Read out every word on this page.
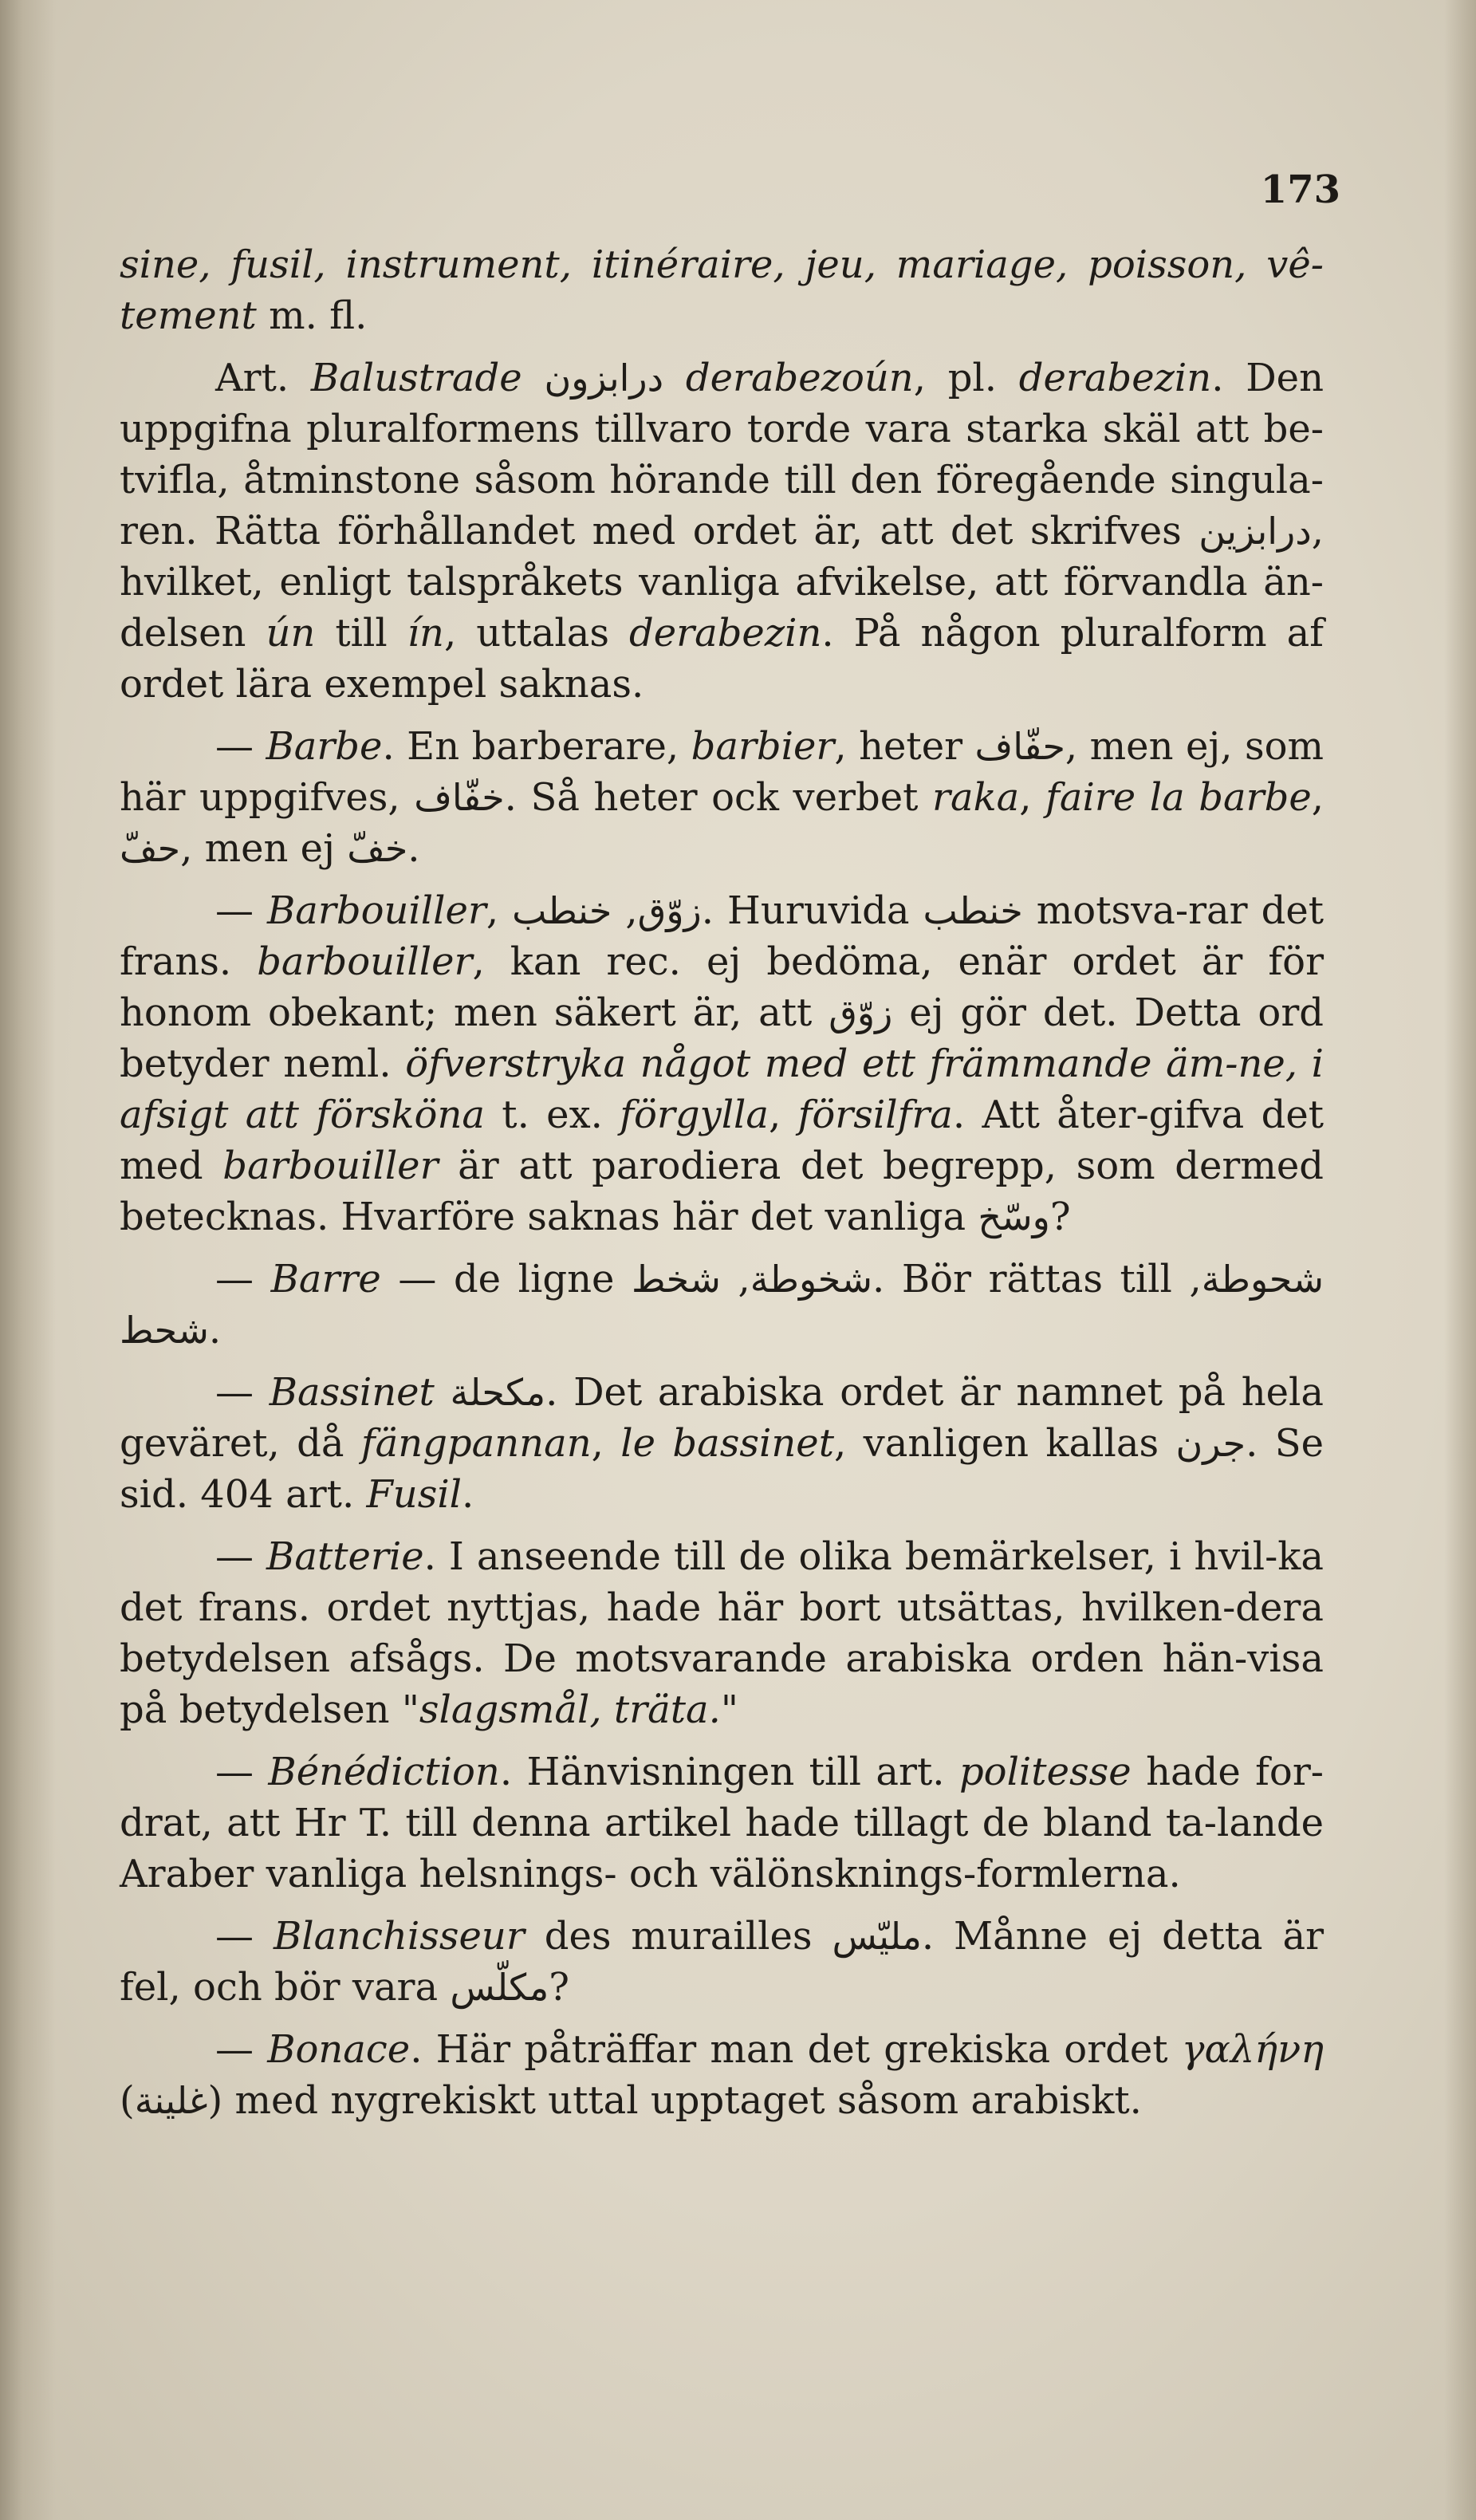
173

sine, fusil, instrument, itinéraire, jeu, mariage, poisson, vê-tement m. fl.

Art. Balustrade درابزون derabezoún, pl. derabezin. Den uppgifna pluralformens tillvaro torde vara starka skäl att be-tvifla, åtminstone såsom hörande till den föregående singula-ren. Rätta förhållandet med ordet är, att det skrifves درابزين, hvilket, enligt talspråkets vanliga afvikelse, att förvandla än-delsen ún till ín, uttalas derabezin. På någon pluralform af ordet lära exempel saknas.

— Barbe. En barberare, barbier, heter حفّاف, men ej, som här uppgifves, خفّاف. Så heter ock verbet raka, faire la barbe, حفّ, men ej خفّ.

— Barbouiller,	زوّق, خنطب . Huruvida خنطب motsva-rar det frans. barbouiller, kan rec. ej bedöma, enär ordet är för honom obekant; men säkert är, att زوّق ej gör det. Detta ord betyder neml. öfverstryka något med ett främmande äm-ne, i afsigt att försköna t. ex. förgylla, försilfra. Att åter-gifva det med barbouiller är att parodiera det begrepp, som dermed betecknas. Hvarföre saknas här det vanliga وسّخ?

— Barre — de ligne	شخوطة, شخط	. Bör rättas till شحوطة, شحط.

— Bassinet مكحلة. Det arabiska ordet är namnet på hela geväret, då fängpannan, le bassinet, vanligen kallas جرن. Se sid. 404 art. Fusil.

— Batterie. I anseende till de olika bemärkelser, i hvil-ka det frans. ordet nyttjas, hade här bort utsättas, hvilken-dera betydelsen afsågs. De motsvarande arabiska orden hän-visa på betydelsen "slagsmål, träta."

— Bénédiction. Hänvisningen till art. politesse hade for-drat, att Hr T. till denna artikel hade tillagt de bland ta-lande Araber vanliga helsnings- och välönsknings-formlerna.

— Blanchisseur des murailles مليّس. Månne ej detta är fel, och bör vara مكلّس?

— Bonace. Här påträffar man det grekiska ordet γαλήνη (غلينة) med nygrekiskt uttal upptaget såsom arabiskt.
